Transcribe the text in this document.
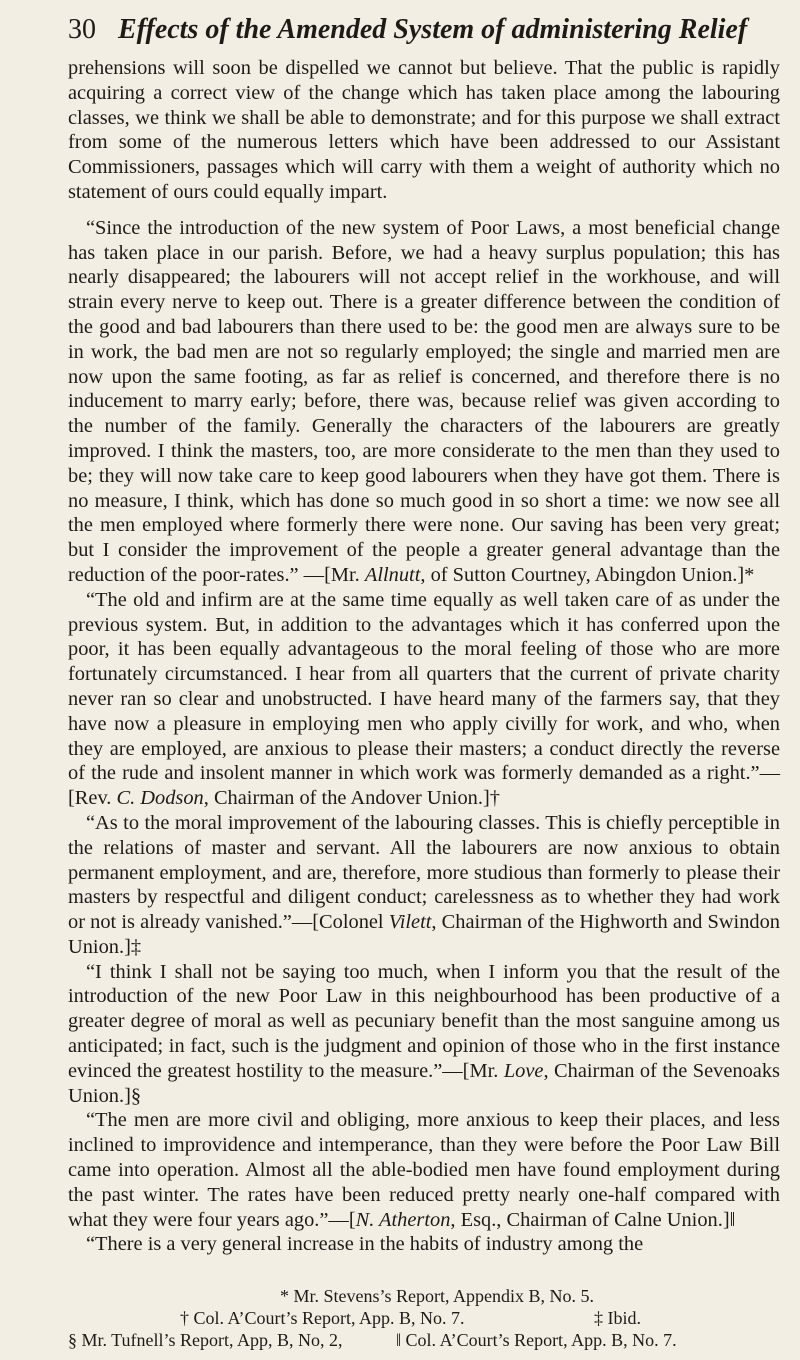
30 Effects of the Amended System of administering Relief

prehensions will soon be dispelled we cannot but believe. That the public is rapidly acquiring a correct view of the change which has taken place among the labouring classes, we think we shall be able to demonstrate; and for this purpose we shall extract from some of the numerous letters which have been addressed to our Assistant Commissioners, passages which will carry with them a weight of authority which no statement of ours could equally impart.

“Since the introduction of the new system of Poor Laws, a most beneficial change has taken place in our parish. Before, we had a heavy surplus population; this has nearly disappeared; the labourers will not accept relief in the workhouse, and will strain every nerve to keep out. There is a greater difference between the condition of the good and bad labourers than there used to be: the good men are always sure to be in work, the bad men are not so regularly employed; the single and married men are now upon the same footing, as far as relief is concerned, and therefore there is no inducement to marry early; before, there was, because relief was given according to the number of the family. Generally the characters of the labourers are greatly improved. I think the masters, too, are more considerate to the men than they used to be; they will now take care to keep good labourers when they have got them. There is no measure, I think, which has done so much good in so short a time: we now see all the men employed where formerly there were none. Our saving has been very great; but I consider the improvement of the people a greater general advantage than the reduction of the poor-rates.” —[Mr. Allnutt, of Sutton Courtney, Abingdon Union.]*

“The old and infirm are at the same time equally as well taken care of as under the previous system. But, in addition to the advantages which it has conferred upon the poor, it has been equally advantageous to the moral feeling of those who are more fortunately circumstanced. I hear from all quarters that the current of private charity never ran so clear and unobstructed. I have heard many of the farmers say, that they have now a pleasure in employing men who apply civilly for work, and who, when they are employed, are anxious to please their masters; a conduct directly the reverse of the rude and insolent manner in which work was formerly demanded as a right.”—[Rev. C. Dodson, Chairman of the Andover Union.]†

“As to the moral improvement of the labouring classes. This is chiefly perceptible in the relations of master and servant. All the labourers are now anxious to obtain permanent employment, and are, therefore, more studious than formerly to please their masters by respectful and diligent conduct; carelessness as to whether they had work or not is already vanished.”—[Colonel Vilett, Chairman of the Highworth and Swindon Union.]‡

“I think I shall not be saying too much, when I inform you that the result of the introduction of the new Poor Law in this neighbourhood has been productive of a greater degree of moral as well as pecuniary benefit than the most sanguine among us anticipated; in fact, such is the judgment and opinion of those who in the first instance evinced the greatest hostility to the measure.”—[Mr. Love, Chairman of the Sevenoaks Union.]§

“The men are more civil and obliging, more anxious to keep their places, and less inclined to improvidence and intemperance, than they were before the Poor Law Bill came into operation. Almost all the able-bodied men have found employment during the past winter. The rates have been reduced pretty nearly one-half compared with what they were four years ago.”—[N. Atherton, Esq., Chairman of Calne Union.]‖

“There is a very general increase in the habits of industry among the

* Mr. Stevens’s Report, Appendix B, No. 5.
† Col. A’Court’s Report, App. B, No. 7.	‡ Ibid.
§ Mr. Tufnell’s Report, App, B, No, 2,	‖ Col. A’Court’s Report, App. B, No. 7.
